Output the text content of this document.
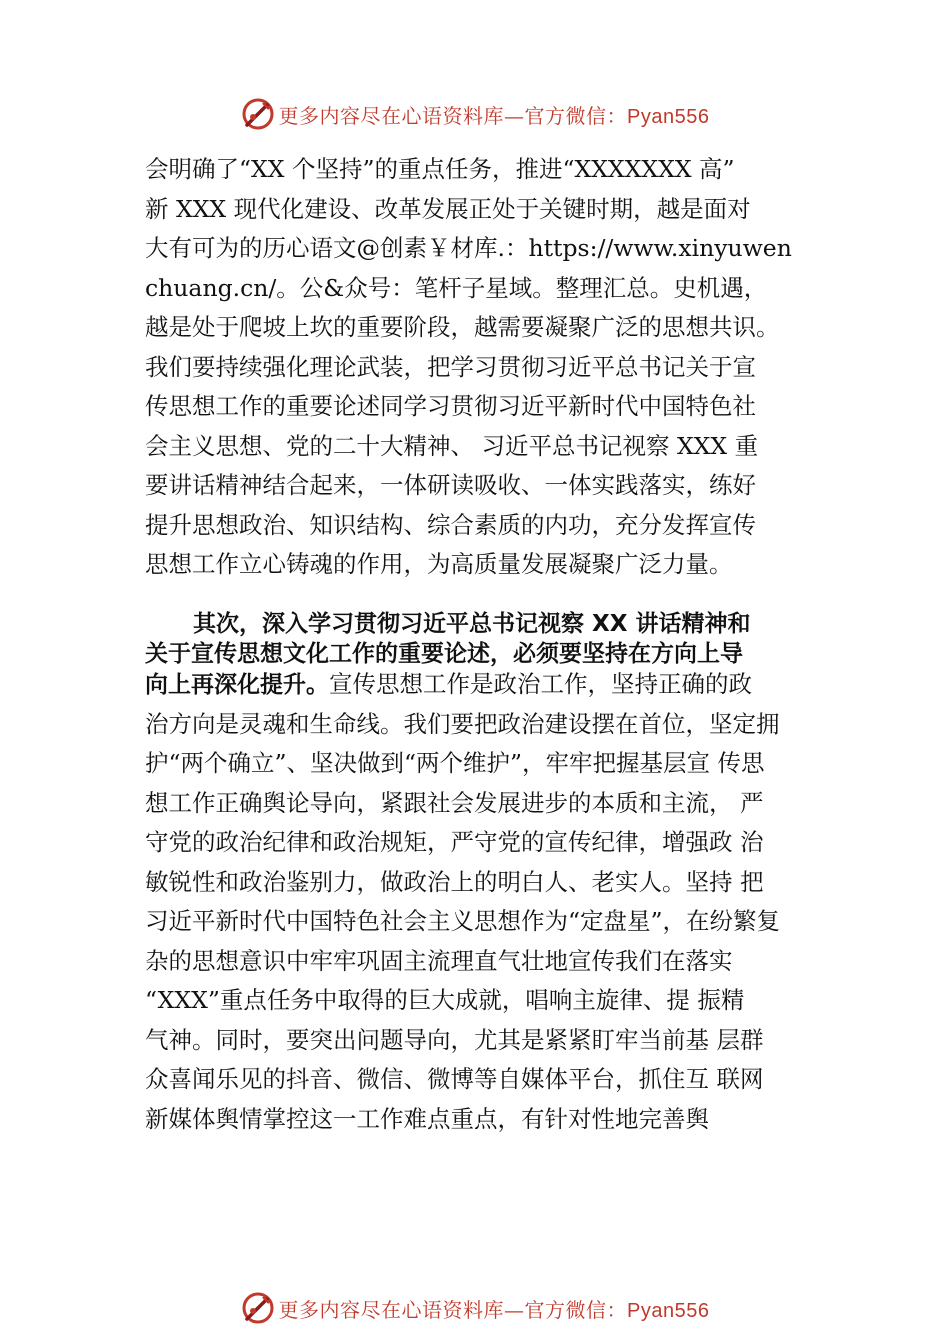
更多内容尽在心语资料库—官方微信：Pyan556
会明确了“XX 个坚持”的重点任务，推进“XXXXXXX 高”
新 XXX 现代化建设、改革发展正处于关键时期，越是面对
大有可为的历心语文@创素￥材库.：https://www.xinyuwen
chuang.cn/。公&众号：笔杆子星域。整理汇总。史机遇，
越是处于爬坡上坎的重要阶段，越需要凝聚广泛的思想共识。
我们要持续强化理论武装，把学习贯彻习近平总书记关于宣
传思想工作的重要论述同学习贯彻习近平新时代中国特色社
会主义思想、党的二十大精神、 习近平总书记视察 XXX 重
要讲话精神结合起来，一体研读吸收、一体实践落实，练好
提升思想政治、知识结构、综合素质的内功，充分发挥宣传
思想工作立心铸魂的作用，为高质量发展凝聚广泛力量。
其次，深入学习贯彻习近平总书记视察 XX 讲话精神和
关于宣传思想文化工作的重要论述，必须要坚持在方向上导
向上再深化提升。宣传思想工作是政治工作，坚持正确的政
治方向是灵魂和生命线。我们要把政治建设摆在首位，坚定拥
护“两个确立”、坚决做到“两个维护”，牢牢把握基层宣 传思
想工作正确舆论导向，紧跟社会发展进步的本质和主流， 严
守党的政治纪律和政治规矩，严守党的宣传纪律，增强政 治
敏锐性和政治鉴别力，做政治上的明白人、老实人。坚持 把
习近平新时代中国特色社会主义思想作为“定盘星”，在纷繁复
杂的思想意识中牢牢巩固主流理直气壮地宣传我们在落实
“XXX”重点任务中取得的巨大成就，唱响主旋律、提 振精
气神。同时，要突出问题导向，尤其是紧紧盯牢当前基 层群
众喜闻乐见的抖音、微信、微博等自媒体平台，抓住互 联网
新媒体舆情掌控这一工作难点重点，有针对性地完善舆
更多内容尽在心语资料库—官方微信：Pyan556
